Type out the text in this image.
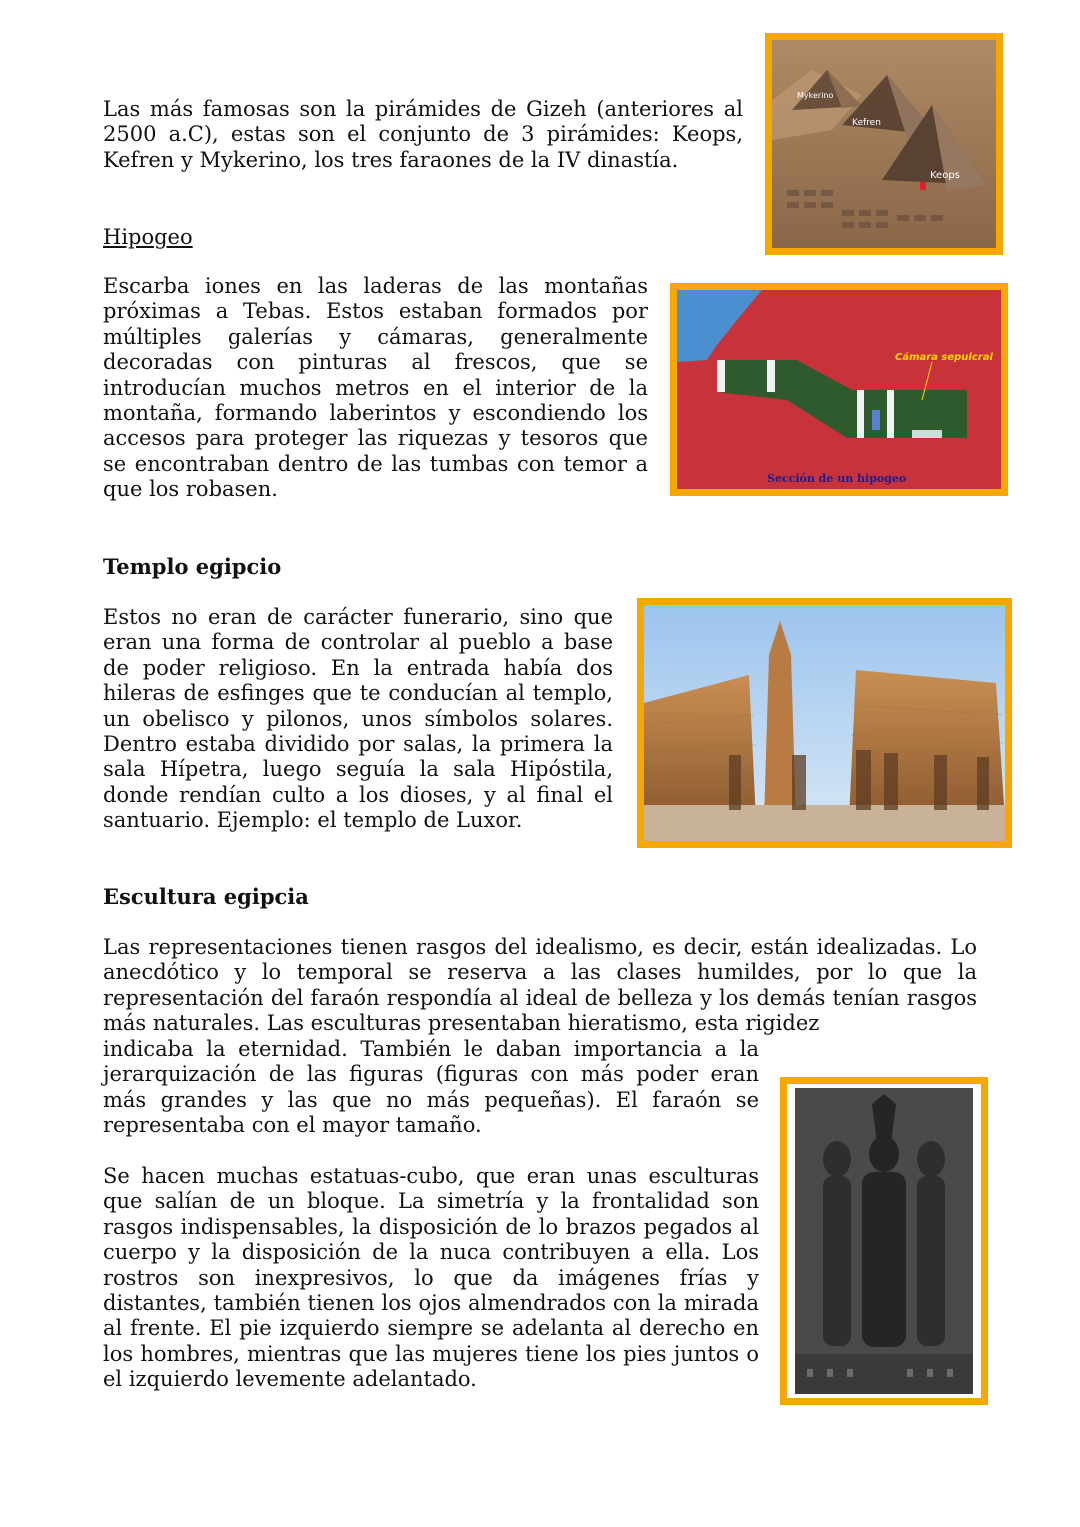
Las más famosas son la pirámides de Gizeh (anteriores al 2500 a.C), estas son el conjunto de 3 pirámides: Keops, Kefren y Mykerino, los tres faraones de la IV dinastía.

Mykerino
Kefren
Keops

Hipogeo

Escarba iones en las laderas de las montañas próximas a Tebas. Estos estaban formados por múltiples galerías y cámaras, generalmente decoradas con pinturas al frescos, que se introducían muchos metros en el interior de la montaña, formando laberintos y escondiendo los accesos para proteger las riquezas y tesoros que se encontraban dentro de las tumbas con temor a que los robasen.

Cámara sepulcral
Sección de un hipogeo

Templo egipcio

Estos no eran de carácter funerario, sino que eran una forma de controlar al pueblo a base de poder religioso. En la entrada había dos hileras de esfinges que te conducían al templo, un obelisco y pilonos, unos símbolos solares. Dentro estaba dividido por salas, la primera la sala Hípetra, luego seguía la sala Hipóstila, donde rendían culto a los dioses, y al final el santuario. Ejemplo: el templo de Luxor.

Escultura egipcia

Las representaciones tienen rasgos del idealismo, es decir, están idealizadas. Lo anecdótico y lo temporal se reserva a las clases humildes, por lo que la representación del faraón respondía al ideal de belleza y los demás tenían rasgos más naturales. Las esculturas presentaban hieratismo, esta rigidez

indicaba la eternidad. También le daban importancia a la jerarquización de las figuras (figuras con más poder eran más grandes y las que no más pequeñas). El faraón se representaba con el mayor tamaño.

Se hacen muchas estatuas-cubo, que eran unas esculturas que salían de un bloque. La simetría y la frontalidad son rasgos indispensables, la disposición de lo brazos pegados al cuerpo y la disposición de la nuca contribuyen a ella. Los rostros son inexpresivos, lo que da imágenes frías y distantes, también tienen los ojos almendrados con la mirada al frente. El pie izquierdo siempre se adelanta al derecho en los hombres, mientras que las mujeres tiene los pies juntos o el izquierdo levemente adelantado.
